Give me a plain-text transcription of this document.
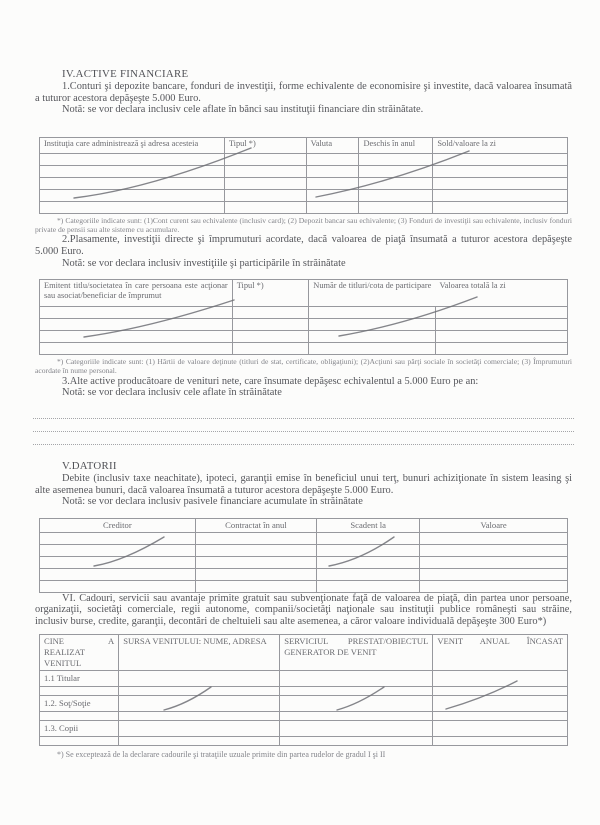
IV.ACTIVE FINANCIARE

1.Conturi şi depozite bancare, fonduri de investiţii, forme echivalente de economisire şi investite, dacă valoarea însumată a tuturor acestora depăşeşte 5.000 Euro.

Notă: se vor declara inclusiv cele aflate în bănci sau instituţii financiare din străinătate.

Instituţia care administrează şi adresa acesteia	Tipul *)	Valuta	Deschis în anul	Sold/valoare la zi

*) Categoriile indicate sunt: (1)Cont curent sau echivalente (inclusiv card); (2) Depozit bancar sau echivalente; (3) Fonduri de investiţii sau echivalente, inclusiv fonduri private de pensii sau alte sisteme cu acumulare.

2.Plasamente, investiţii directe şi împrumuturi acordate, dacă valoarea de piaţă însumată a tuturor acestora depăşeşte 5.000 Euro.

Notă: se vor declara inclusiv investiţiile şi participările în străinătate

Emitent titlu/societatea în care persoana este acţionar sau asociat/beneficiar de împrumut	Tipul *)	Număr de titluri/cota de participare	Valoarea totală la zi

*) Categoriile indicate sunt: (1) Hârtii de valoare deţinute (titluri de stat, certificate, obligaţiuni); (2)Acţiuni sau părţi sociale în societăţi comerciale; (3) Împrumuturi acordate în nume personal.

3.Alte active producătoare de venituri nete, care însumate depăşesc echivalentul a 5.000 Euro pe an:

Notă: se vor declara inclusiv cele aflate în străinătate

V.DATORII

Debite (inclusiv taxe neachitate), ipoteci, garanţii emise în beneficiul unui terţ, bunuri achiziţionate în sistem leasing şi alte asemenea bunuri, dacă valoarea însumată a tuturor acestora depăşeşte 5.000 Euro.

Notă: se vor declara inclusiv pasivele financiare acumulate în străinătate

Creditor	Contractat în anul	Scadent la	Valoare

VI. Cadouri, servicii sau avantaje primite gratuit sau subvenţionate faţă de valoarea de piaţă, din partea unor persoane, organizaţii, societăţi comerciale, regii autonome, companii/societăţi naţionale sau instituţii publice româneşti sau străine, inclusiv burse, credite, garanţii, decontări de cheltuieli sau alte asemenea, a căror valoare individuală depăşeşte 300 Euro*)

CINE A REALIZAT VENITUL	SURSA VENITULUI: NUME, ADRESA	SERVICIUL PRESTAT/OBIECTUL GENERATOR DE VENIT	VENIT ANUAL ÎNCASAT
1.1 Titular			

1.2. Soţ/Soţie			

1.3. Copii			

*) Se exceptează de la declarare cadourile şi trataţiile uzuale primite din partea rudelor de gradul I şi II
